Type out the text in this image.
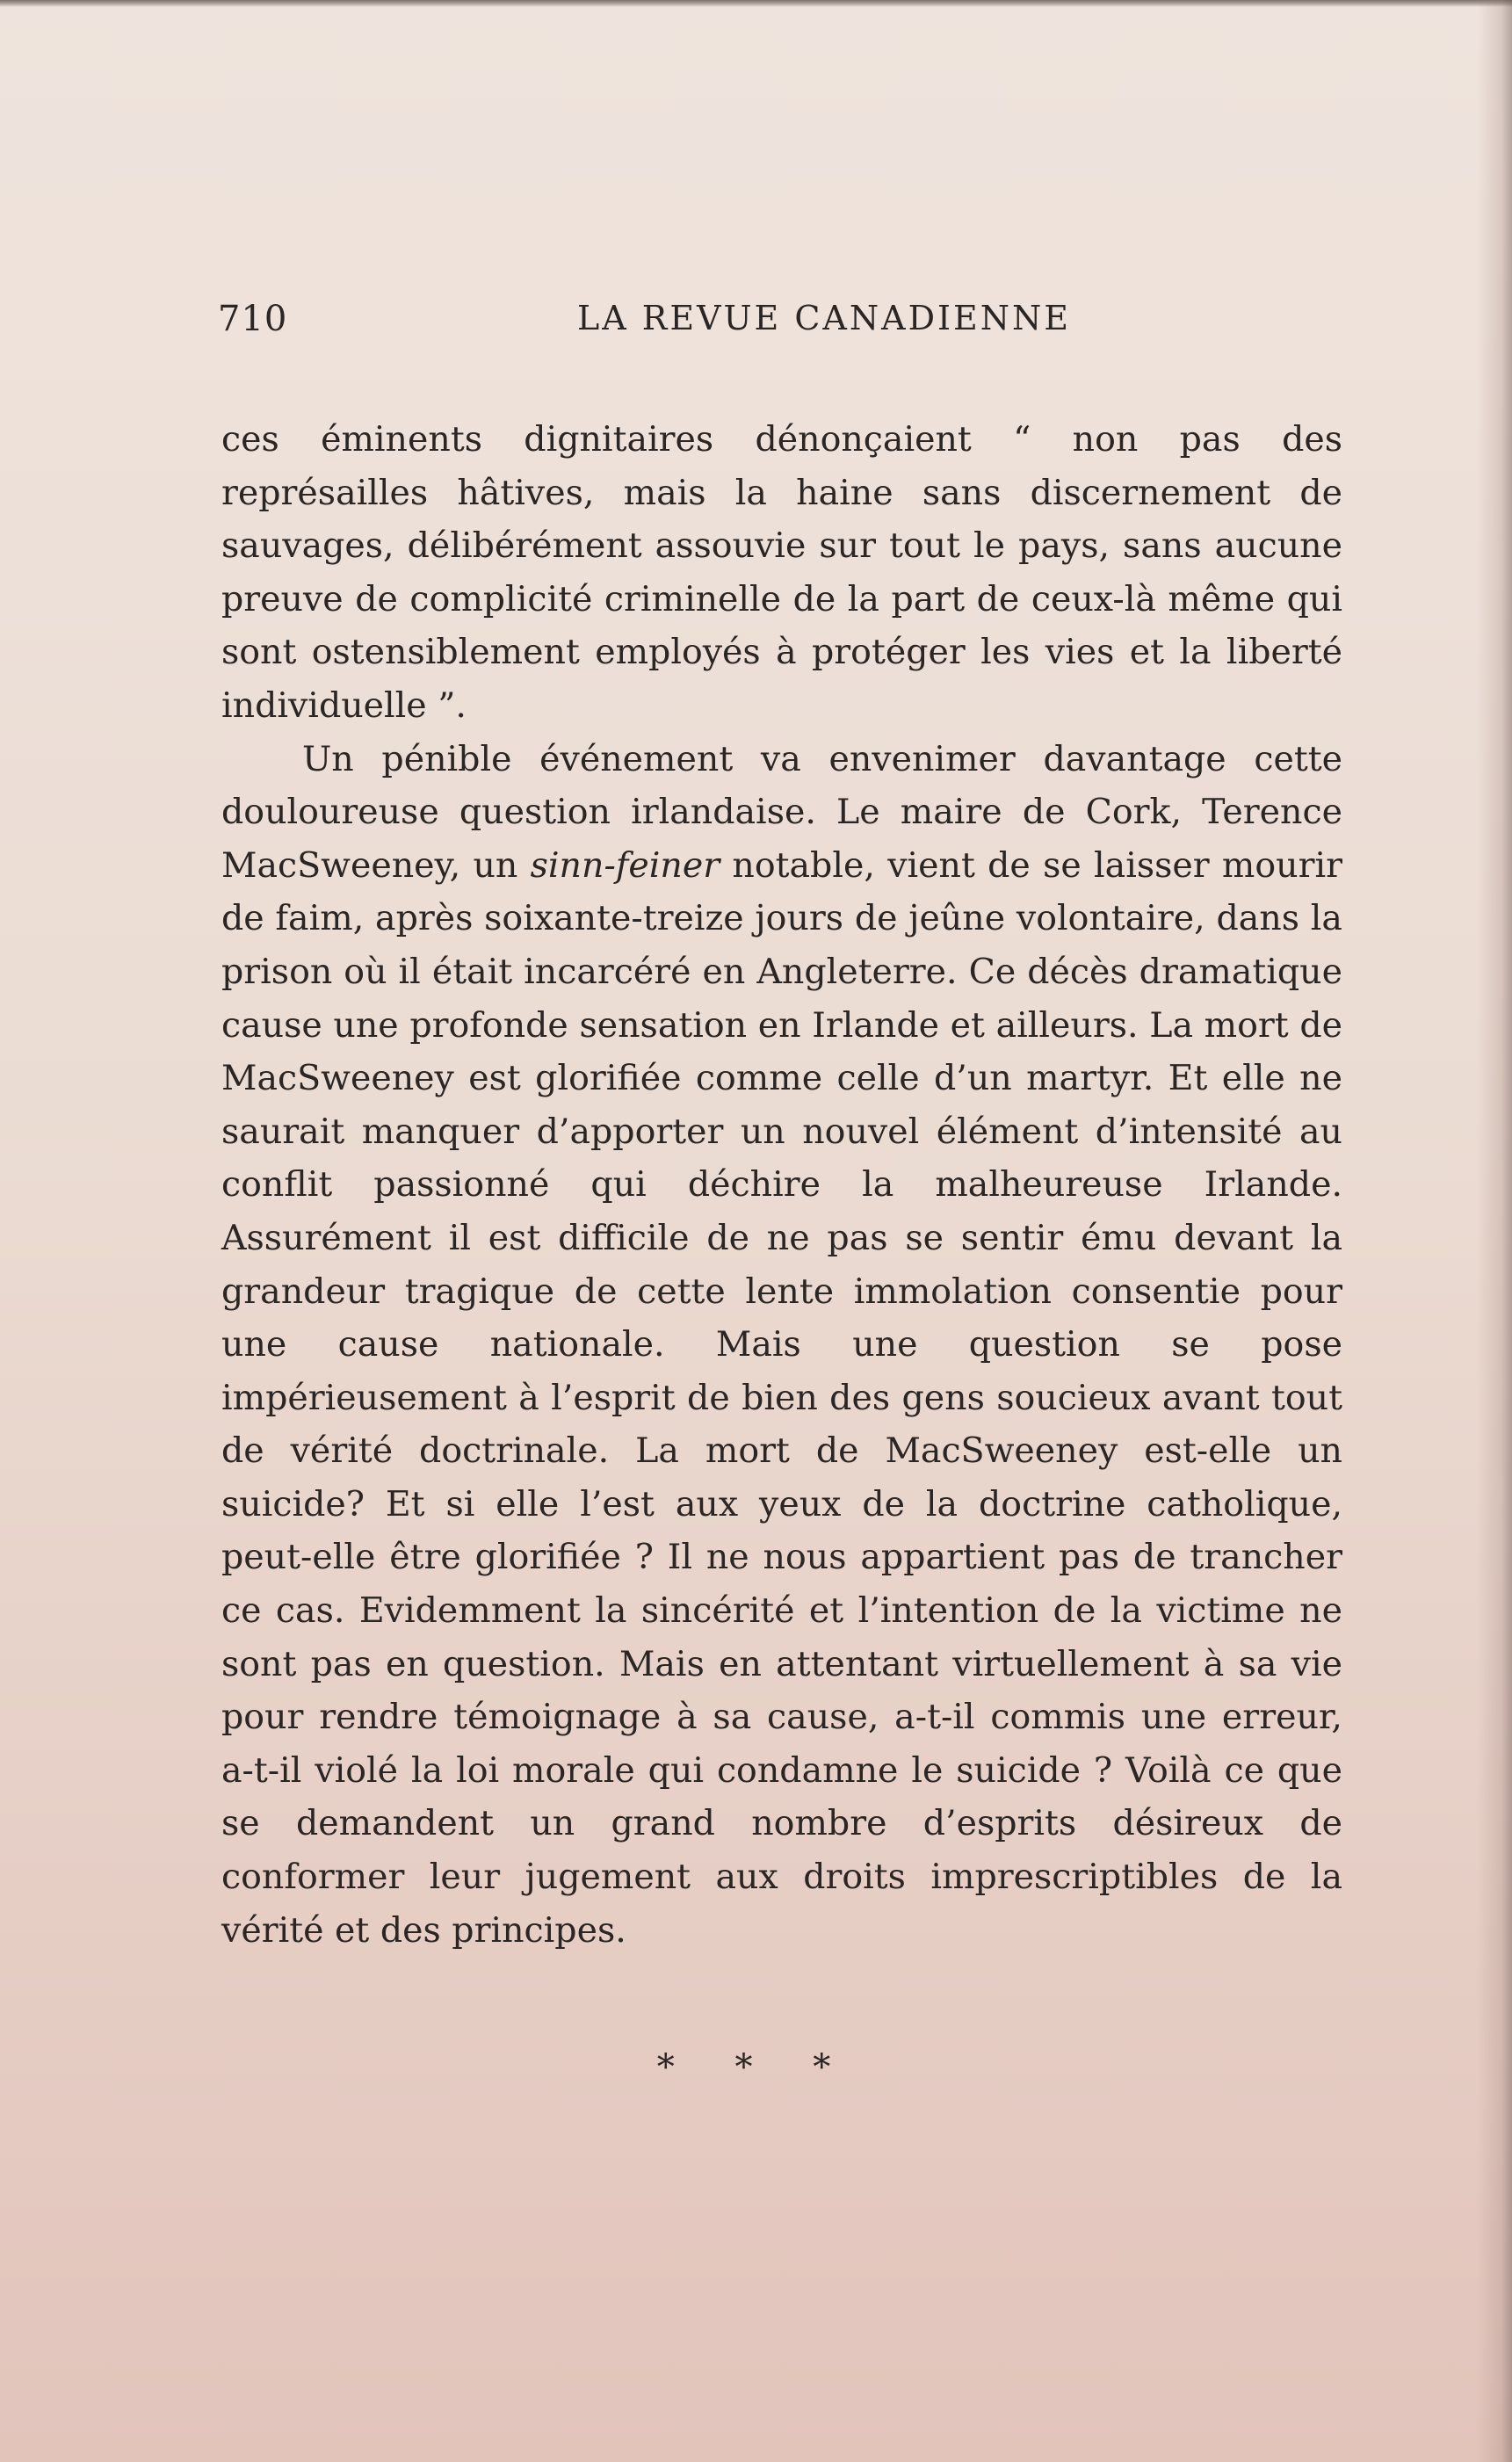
710	LA REVUE CANADIENNE

ces éminents dignitaires dénonçaient “ non pas des représailles hâtives, mais la haine sans discernement de sauvages, délibérément assouvie sur tout le pays, sans aucune preuve de complicité criminelle de la part de ceux-là même qui sont ostensiblement employés à protéger les vies et la liberté individuelle ”.

Un pénible événement va envenimer davantage cette douloureuse question irlandaise. Le maire de Cork, Terence MacSweeney, un sinn-feiner notable, vient de se laisser mourir de faim, après soixante-treize jours de jeûne volontaire, dans la prison où il était incarcéré en Angleterre. Ce décès dramatique cause une profonde sensation en Irlande et ailleurs. La mort de MacSweeney est glorifiée comme celle d’un martyr. Et elle ne saurait manquer d’apporter un nouvel élément d’intensité au conflit passionné qui déchire la malheureuse Irlande. Assurément il est difficile de ne pas se sentir ému devant la grandeur tragique de cette lente immolation consentie pour une cause nationale. Mais une question se pose impérieusement à l’esprit de bien des gens soucieux avant tout de vérité doctrinale. La mort de MacSweeney est-elle un suicide? Et si elle l’est aux yeux de la doctrine catholique, peut-elle être glorifiée ? Il ne nous appartient pas de trancher ce cas. Evidemment la sincérité et l’intention de la victime ne sont pas en question. Mais en attentant virtuellement à sa vie pour rendre témoignage à sa cause, a-t-il commis une erreur, a-t-il violé la loi morale qui condamne le suicide ? Voilà ce que se demandent un grand nombre d’esprits désireux de conformer leur jugement aux droits imprescriptibles de la vérité et des principes.

* * *
